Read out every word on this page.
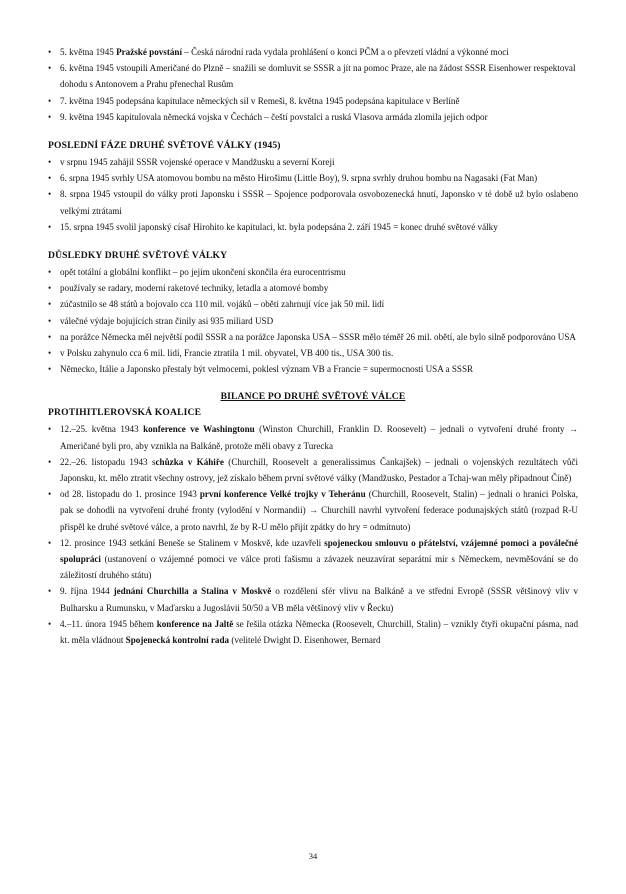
• 5. května 1945 Pražské povstání – Česká národní rada vydala prohlášení o konci PČM a o převzetí vládní a výkonné moci
• 6. května 1945 vstoupili Američané do Plzně – snažili se domluvit se SSSR a jít na pomoc Praze, ale na žádost SSSR Eisenhower respektoval dohodu s Antonovem a Prahu přenechal Rusům
• 7. května 1945 podepsána kapitulace německých sil v Remeši, 8. května 1945 podepsána kapitulace v Berlíně
• 9. května 1945 kapitulovala německá vojska v Čechách – čeští povstalci a ruská Vlasova armáda zlomila jejich odpor
POSLEDNÍ FÁZE DRUHÉ SVĚTOVÉ VÁLKY (1945)
• v srpnu 1945 zahájil SSSR vojenské operace v Mandžusku a severní Koreji
• 6. srpna 1945 svrhly USA atomovou bombu na město Hirošimu (Little Boy), 9. srpna svrhly druhou bombu na Nagasaki (Fat Man)
• 8. srpna 1945 vstoupil do války proti Japonsku i SSSR – Spojence podporovala osvobozenecká hnutí, Japonsko v té době už bylo oslabeno velkými ztrátami
• 15. srpna 1945 svolil japonský císař Hirohito ke kapitulaci, kt. byla podepsána 2. září 1945 = konec druhé světové války
DŮSLEDKY DRUHÉ SVĚTOVÉ VÁLKY
• opět totální a globální konflikt – po jejím ukončení skončila éra eurocentrismu
• používaly se radary, moderní raketové techniky, letadla a atomové bomby
• zúčastnilo se 48 států a bojovalo cca 110 mil. vojáků – oběti zahrnují více jak 50 mil. lidí
• válečné výdaje bojujících stran činily asi 935 miliard USD
• na porážce Německa měl největší podíl SSSR a na porážce Japonska USA – SSSR mělo téměř 26 mil. obětí, ale bylo silně podporováno USA
• v Polsku zahynulo cca 6 mil. lidí, Francie ztratila 1 mil. obyvatel, VB 400 tis., USA 300 tis.
• Německo, Itálie a Japonsko přestaly být velmocemi, poklesl význam VB a Francie = supermocnosti USA a SSSR
BILANCE PO DRUHÉ SVĚTOVÉ VÁLCE
PROTIHITLEROVSKÁ KOALICE
• 12.–25. května 1943 konference ve Washingtonu (Winston Churchill, Franklin D. Roosevelt) – jednali o vytvoření druhé fronty → Američané byli pro, aby vznikla na Balkáně, protože měli obavy z Turecka
• 22.–26. listopadu 1943 schůzka v Káhiře (Churchill, Roosevelt a generalissimus Čankajšek) – jednali o vojenských rezultátech vůči Japonsku, kt. mělo ztratit všechny ostrovy, jež získalo během první světové války (Mandžusko, Pestador a Tchaj-wan měly připadnout Číně)
• od 28. listopadu do 1. prosince 1943 první konference Velké trojky v Teheránu (Churchill, Roosevelt, Stalin) – jednali o hranici Polska, pak se dohodli na vytvoření druhé fronty (vylodění v Normandii) → Churchill navrhl vytvoření federace podunajských států (rozpad R-U přispěl ke druhé světové válce, a proto navrhl, že by R-U mělo přijít zpátky do hry = odmítnuto)
• 12. prosince 1943 setkání Beneše se Stalinem v Moskvě, kde uzavřeli spojeneckou smlouvu o přátelství, vzájemné pomoci a poválečné spolupráci (ustanovení o vzájemné pomoci ve válce proti fašismu a závazek neuzavírat separátní mír s Německem, nevměšování se do záležitostí druhého státu)
• 9. října 1944 jednání Churchilla a Stalina v Moskvě o rozdělení sfér vlivu na Balkáně a ve střední Evropě (SSSR většinový vliv v Bulharsku a Rumunsku, v Maďarsku a Jugoslávii 50/50 a VB měla většinový vliv v Řecku)
• 4.–11. února 1945 během konference na Jaltě se řešila otázka Německa (Roosevelt, Churchill, Stalin) – vznikly čtyři okupační pásma, nad kt. měla vládnout Spojenecká kontrolní rada (velitelé Dwight D. Eisenhower, Bernard
34
